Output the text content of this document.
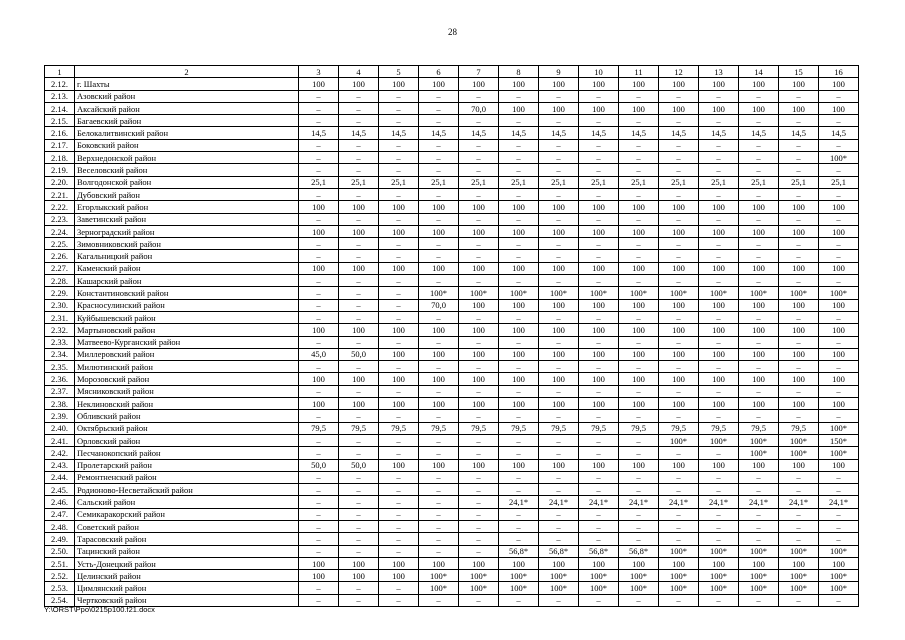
28
1	2	3	4	5	6	7	8	9	10	11	12	13	14	15	16
2.12.	г. Шахты	100	100	100	100	100	100	100	100	100	100	100	100	100	100
2.13.	Азовский район	–	–	–	–	–	–	–	–	–	–	–	–	–	–
2.14.	Аксайский район	–	–	–	–	70,0	100	100	100	100	100	100	100	100	100
2.15.	Багаевский район	–	–	–	–	–	–	–	–	–	–	–	–	–	–
2.16.	Белокалитвинский район	14,5	14,5	14,5	14,5	14,5	14,5	14,5	14,5	14,5	14,5	14,5	14,5	14,5	14,5
2.17.	Боковский район	–	–	–	–	–	–	–	–	–	–	–	–	–	–
2.18.	Верхнедонской район	–	–	–	–	–	–	–	–	–	–	–	–	–	100*
2.19.	Веселовский район	–	–	–	–	–	–	–	–	–	–	–	–	–	–
2.20.	Волгодонской район	25,1	25,1	25,1	25,1	25,1	25,1	25,1	25,1	25,1	25,1	25,1	25,1	25,1	25,1
2.21.	Дубовский район	–	–	–	–	–	–	–	–	–	–	–	–	–	–
2.22.	Егорлыкский район	100	100	100	100	100	100	100	100	100	100	100	100	100	100
2.23.	Заветинский район	–	–	–	–	–	–	–	–	–	–	–	–	–	–
2.24.	Зерноградский район	100	100	100	100	100	100	100	100	100	100	100	100	100	100
2.25.	Зимовниковский район	–	–	–	–	–	–	–	–	–	–	–	–	–	–
2.26.	Кагальницкий район	–	–	–	–	–	–	–	–	–	–	–	–	–	–
2.27.	Каменский район	100	100	100	100	100	100	100	100	100	100	100	100	100	100
2.28.	Кашарский район	–	–	–	–	–	–	–	–	–	–	–	–	–	–
2.29.	Константиновский район	–	–	–	100*	100*	100*	100*	100*	100*	100*	100*	100*	100*	100*
2.30.	Красносулинский район	–	–	–	70,0	100	100	100	100	100	100	100	100	100	100
2.31.	Куйбышевский район	–	–	–	–	–	–	–	–	–	–	–	–	–	–
2.32.	Мартыновский район	100	100	100	100	100	100	100	100	100	100	100	100	100	100
2.33.	Матвеево-Курганский район	–	–	–	–	–	–	–	–	–	–	–	–	–	–
2.34.	Миллеровский район	45,0	50,0	100	100	100	100	100	100	100	100	100	100	100	100
2.35.	Милютинский район	–	–	–	–	–	–	–	–	–	–	–	–	–	–
2.36.	Морозовский район	100	100	100	100	100	100	100	100	100	100	100	100	100	100
2.37.	Мясниковский район	–	–	–	–	–	–	–	–	–	–	–	–	–	–
2.38.	Неклиновский район	100	100	100	100	100	100	100	100	100	100	100	100	100	100
2.39.	Обливский район	–	–	–	–	–	–	–	–	–	–	–	–	–	–
2.40.	Октябрьский район	79,5	79,5	79,5	79,5	79,5	79,5	79,5	79,5	79,5	79,5	79,5	79,5	79,5	100*
2.41.	Орловский район	–	–	–	–	–	–	–	–	–	100*	100*	100*	100*	150*
2.42.	Песчанокопский район	–	–	–	–	–	–	–	–	–	–	–	100*	100*	100*
2.43.	Пролетарский район	50,0	50,0	100	100	100	100	100	100	100	100	100	100	100	100
2.44.	Ремонтненский район	–	–	–	–	–	–	–	–	–	–	–	–	–	–
2.45.	Родионово-Несветайский район	–	–	–	–	–	–	–	–	–	–	–	–	–	–
2.46.	Сальский район	–	–	–	–	–	24,1*	24,1*	24,1*	24,1*	24,1*	24,1*	24,1*	24,1*	24,1*
2.47.	Семикаракорский район	–	–	–	–	–	–	–	–	–	–	–	–	–	–
2.48.	Советский район	–	–	–	–	–	–	–	–	–	–	–	–	–	–
2.49.	Тарасовский район	–	–	–	–	–	–	–	–	–	–	–	–	–	–
2.50.	Тацинский район	–	–	–	–	–	56,8*	56,8*	56,8*	56,8*	100*	100*	100*	100*	100*
2.51.	Усть-Донецкий район	100	100	100	100	100	100	100	100	100	100	100	100	100	100
2.52.	Целинский район	100	100	100	100*	100*	100*	100*	100*	100*	100*	100*	100*	100*	100*
2.53.	Цимлянский район	–	–	–	100*	100*	100*	100*	100*	100*	100*	100*	100*	100*	100*
2.54.	Чертковский район	–	–	–	–	–	–	–	–	–	–	–	–	–	–
Y:\ORST\Ppo\0215p100.f21.docx
